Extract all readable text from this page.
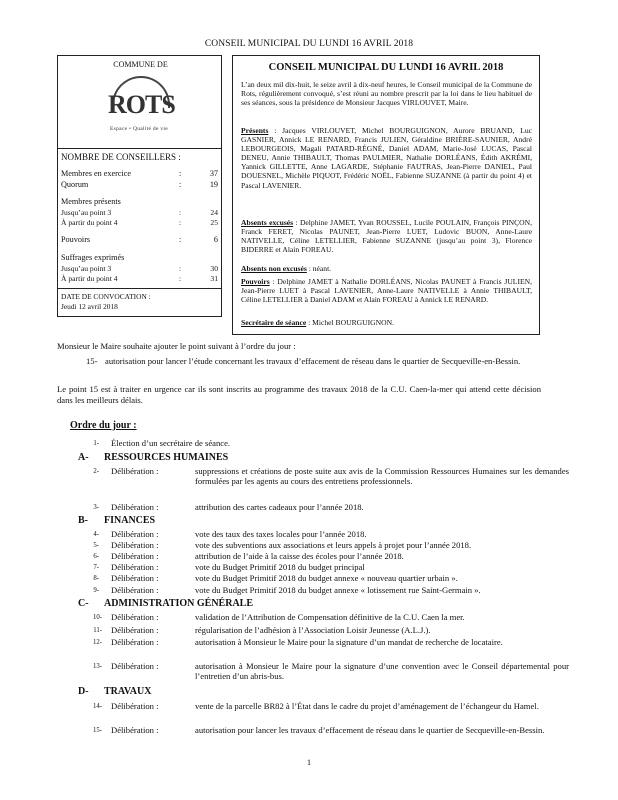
CONSEIL MUNICIPAL DU LUNDI 16 AVRIL 2018
COMMUNE DE
ROTS
Espace • Qualité de vie
NOMBRE DE CONSEILLERS :
Membres en exercice	:	37
Quorum	:	19
Membres présents
Jusqu’au point 3	:	24
À partir du point 4	:	25
Pouvoirs	:	6
Suffrages exprimés
Jusqu’au point 3	:	30
À partir du point 4	:	31
DATE DE CONVOCATION :
Jeudi 12 avril 2018
CONSEIL MUNICIPAL DU LUNDI 16 AVRIL 2018
L’an deux mil dix-huit, le seize avril à dix-neuf heures, le Conseil municipal de la Commune de Rots, régulièrement convoqué, s’est réuni au nombre prescrit par la loi dans le lieu habituel de ses séances, sous la présidence de Monsieur Jacques VIRLOUVET, Maire.
Présents : Jacques VIRLOUVET, Michel BOURGUIGNON, Aurore BRUAND, Luc GASNIER, Annick LE RENARD, Francis JULIEN, Géraldine BRIÈRE-SAUNIER, André LEBOURGEOIS, Magali PATARD-RÉGNÉ, Daniel ADAM, Marie-José LUCAS, Pascal DENEU, Annie THIBAULT, Thomas PAULMIER, Nathalie DORLÉANS, Édith AKRÉMI, Yannick GILLETTE, Anne LAGARDE, Stéphanie FAUTRAS, Jean-Pierre DANIEL, Paul DOUESNEL, Michèle PIQUOT, Frédéric NOËL, Fabienne SUZANNE (à partir du point 4) et Pascal LAVENIER.
Absents excusés : Delphine JAMET, Yvan ROUSSEL, Lucile POULAIN, François PINÇON, Franck FERET, Nicolas PAUNET, Jean-Pierre LUET, Ludovic BUON, Anne-Laure NATIVELLE, Céline LETELLIER, Fabienne SUZANNE (jusqu’au point 3), Florence BIDERRE et Alain FOREAU.
Absents non excusés : néant.
Pouvoirs : Delphine JAMET à Nathalie DORLÉANS, Nicolas PAUNET à Francis JULIEN, Jean-Pierre LUET à Pascal LAVENIER, Anne-Laure NATIVELLE à Annie THIBAULT, Céline LETELLIER à Daniel ADAM et Alain FOREAU à Annick LE RENARD.
Secrétaire de séance : Michel BOURGUIGNON.
Monsieur le Maire souhaite ajouter le point suivant à l’ordre du jour :
15- autorisation pour lancer l’étude concernant les travaux d’effacement de réseau dans le quartier de Secqueville-en-Bessin.
Le point 15 est à traiter en urgence car ils sont inscrits au programme des travaux 2018 de la C.U. Caen-la-mer qui attend cette décision dans les meilleurs délais.
Ordre du jour :
1- Élection d’un secrétaire de séance.
A- RESSOURCES HUMAINES
2- Délibération :	suppressions et créations de poste suite aux avis de la Commission Ressources Humaines sur les demandes formulées par les agents au cours des entretiens professionnels.
3- Délibération :	attribution des cartes cadeaux pour l’année 2018.
B- FINANCES
4- Délibération :	vote des taux des taxes locales pour l’année 2018.
5- Délibération :	vote des subventions aux associations et leurs appels à projet pour l’année 2018.
6- Délibération :	attribution de l’aide à la caisse des écoles pour l’année 2018.
7- Délibération :	vote du Budget Primitif 2018 du budget principal
8- Délibération :	vote du Budget Primitif 2018 du budget annexe « nouveau quartier urbain ».
9- Délibération :	vote du Budget Primitif 2018 du budget annexe « lotissement rue Saint-Germain ».
C- ADMINISTRATION GÉNÉRALE
10- Délibération :	validation de l’Attribution de Compensation définitive de la C.U. Caen la mer.
11- Délibération :	régularisation de l’adhésion à l’Association Loisir Jeunesse (A.L.J.).
12- Délibération :	autorisation à Monsieur le Maire pour la signature d’un mandat de recherche de locataire.
13- Délibération :	autorisation à Monsieur le Maire pour la signature d’une convention avec le Conseil départemental pour l’entretien d’un abris-bus.
D- TRAVAUX
14- Délibération :	vente de la parcelle BR82 à l’État dans le cadre du projet d’aménagement de l’échangeur du Hamel.
15- Délibération :	autorisation pour lancer les travaux d’effacement de réseau dans le quartier de Secqueville-en-Bessin.
1
